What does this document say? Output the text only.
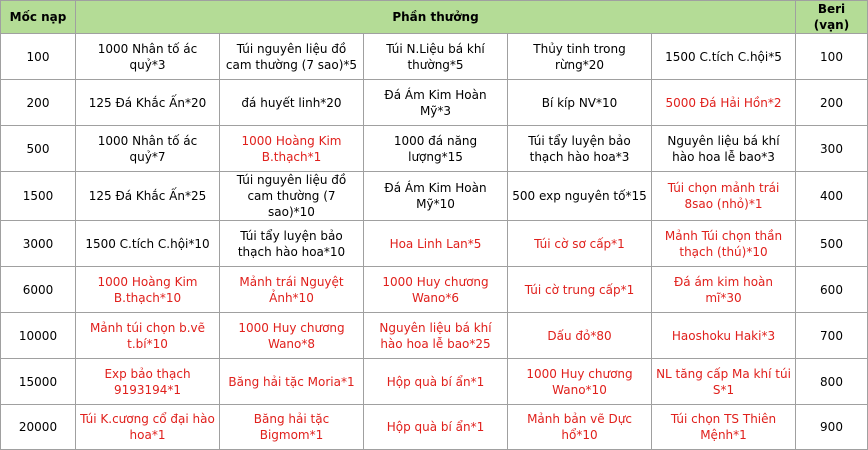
Mốc nạp	Phần thưởng					Beri (vạn)
100	1000 Nhân tố ác quỷ*3	Túi nguyên liệu đồ cam thường (7 sao)*5	Túi N.Liệu bá khí thường*5	Thủy tinh trong rừng*20	1500 C.tích C.hội*5	100
200	125 Đá Khắc Ấn*20	đá huyết linh*20	Đá Ám Kim Hoàn Mỹ*3	Bí kíp NV*10	5000 Đá Hải Hồn*2	200
500	1000 Nhân tố ác quỷ*7	1000 Hoàng Kim B.thạch*1	1000 đá năng lượng*15	Túi tẩy luyện bảo thạch hào hoa*3	Nguyên liệu bá khí hào hoa lễ bao*3	300
1500	125 Đá Khắc Ấn*25	Túi nguyên liệu đồ cam thường (7 sao)*10	Đá Ám Kim Hoàn Mỹ*10	500 exp nguyên tố*15	Túi chọn mảnh trái 8sao (nhỏ)*1	400
3000	1500 C.tích C.hội*10	Túi tẩy luyện bảo thạch hào hoa*10	Hoa Linh Lan*5	Túi cờ sơ cấp*1	Mảnh Túi chọn thần thạch (thú)*10	500
6000	1000 Hoàng Kim B.thạch*10	Mảnh trái Nguyệt Ảnh*10	1000 Huy chương Wano*6	Túi cờ trung cấp*1	Đá ám kim hoàn mĩ*30	600
10000	Mảnh túi chọn b.vẽ t.bí*10	1000 Huy chương Wano*8	Nguyên liệu bá khí hào hoa lễ bao*25	Dấu đỏ*80	Haoshoku Haki*3	700
15000	Exp bảo thạch 9193194*1	Băng hải tặc Moria*1	Hộp quà bí ẩn*1	1000 Huy chương Wano*10	NL tăng cấp Ma khí túi S*1	800
20000	Túi K.cương cổ đại hào hoa*1	Băng hải tặc Bigmom*1	Hộp quà bí ẩn*1	Mảnh bản vẽ Dực hổ*10	Túi chọn TS Thiên Mệnh*1	900
